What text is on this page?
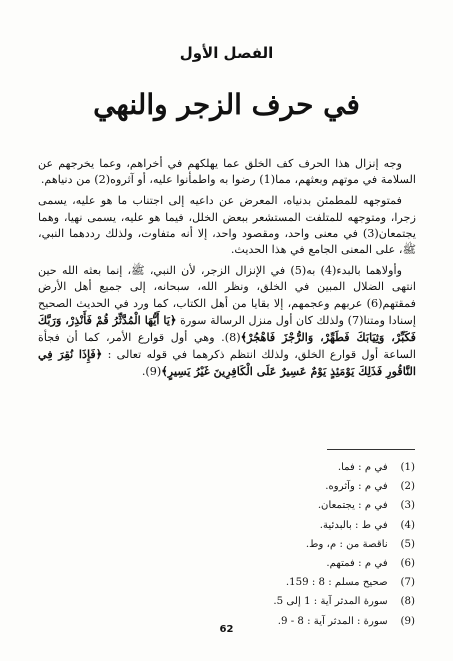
الفصل الأول
في حرف الزجر والنهي

وجه إنزال هذا الحرف كف الخلق عما يهلكهم في أخراهم، وعما يخرجهم عن السلامة في موتهم وبعثهم، مما(1) رضوا به واطمأنوا عليه، أو آثروه(2) من دنياهم.

فمتوجهه للمطمئن بدنياه، المعرض عن داعيه إلى اجتناب ما هو عليه، يسمى زجرا، ومتوجهه للمتلفت المستشعر ببعض الخلل، فيما هو عليه، يسمى نهيا، وهما يجتمعان(3) في معنى واحد، ومقصود واحد، إلا أنه متفاوت، ولذلك رددهما النبي، ﷺ، على المعنى الجامع في هذا الحديث.

وأولاهما بالبدء(4) به(5) في الإنزال الزجر، لأن النبي، ﷺ، إنما بعثه الله حين انتهى الضلال المبين في الخلق، ونظر الله، سبحانه، إلى جميع أهل الأرض فمقتهم(6) عربهم وعجمهم، إلا بقايا من أهل الكتاب، كما ورد في الحديث الصحيح إسنادا ومتنا(7) ولذلك كان أول منزل الرسالة سورة ﴿يَا أَيُّهَا الْمُدَّثِّرُ قُمْ فَأَنْذِرْ، وَرَبَّكَ فَكَبِّرْ، وَثِيَابَكَ فَطَهِّرْ، وَالرُّجْزَ فَاهْجُرْ﴾(8). وهي أول قوارع الأمر، كما أن فجأة الساعة أول قوارع الخلق، ولذلك انتظم ذكرهما في قوله تعالى : ﴿فَإِذَا نُقِرَ فِي النَّاقُورِ فَذَلِكَ يَوْمَئِذٍ يَوْمٌ عَسِيرٌ عَلَى الْكَافِرِينَ غَيْرُ يَسِيرٍ﴾(9).

(1) في م : فما.
(2) في م : وآثروه.
(3) في م : يجتمعان.
(4) في ط : بالبدئية.
(5) ناقصة من : م، وط.
(6) في م : فمتهم.
(7) صحيح مسلم : 8 : 159.
(8) سورة المدثر آية : 1 إلى 5.
(9) سورة : المدثر آية : 8 - 9.
62
